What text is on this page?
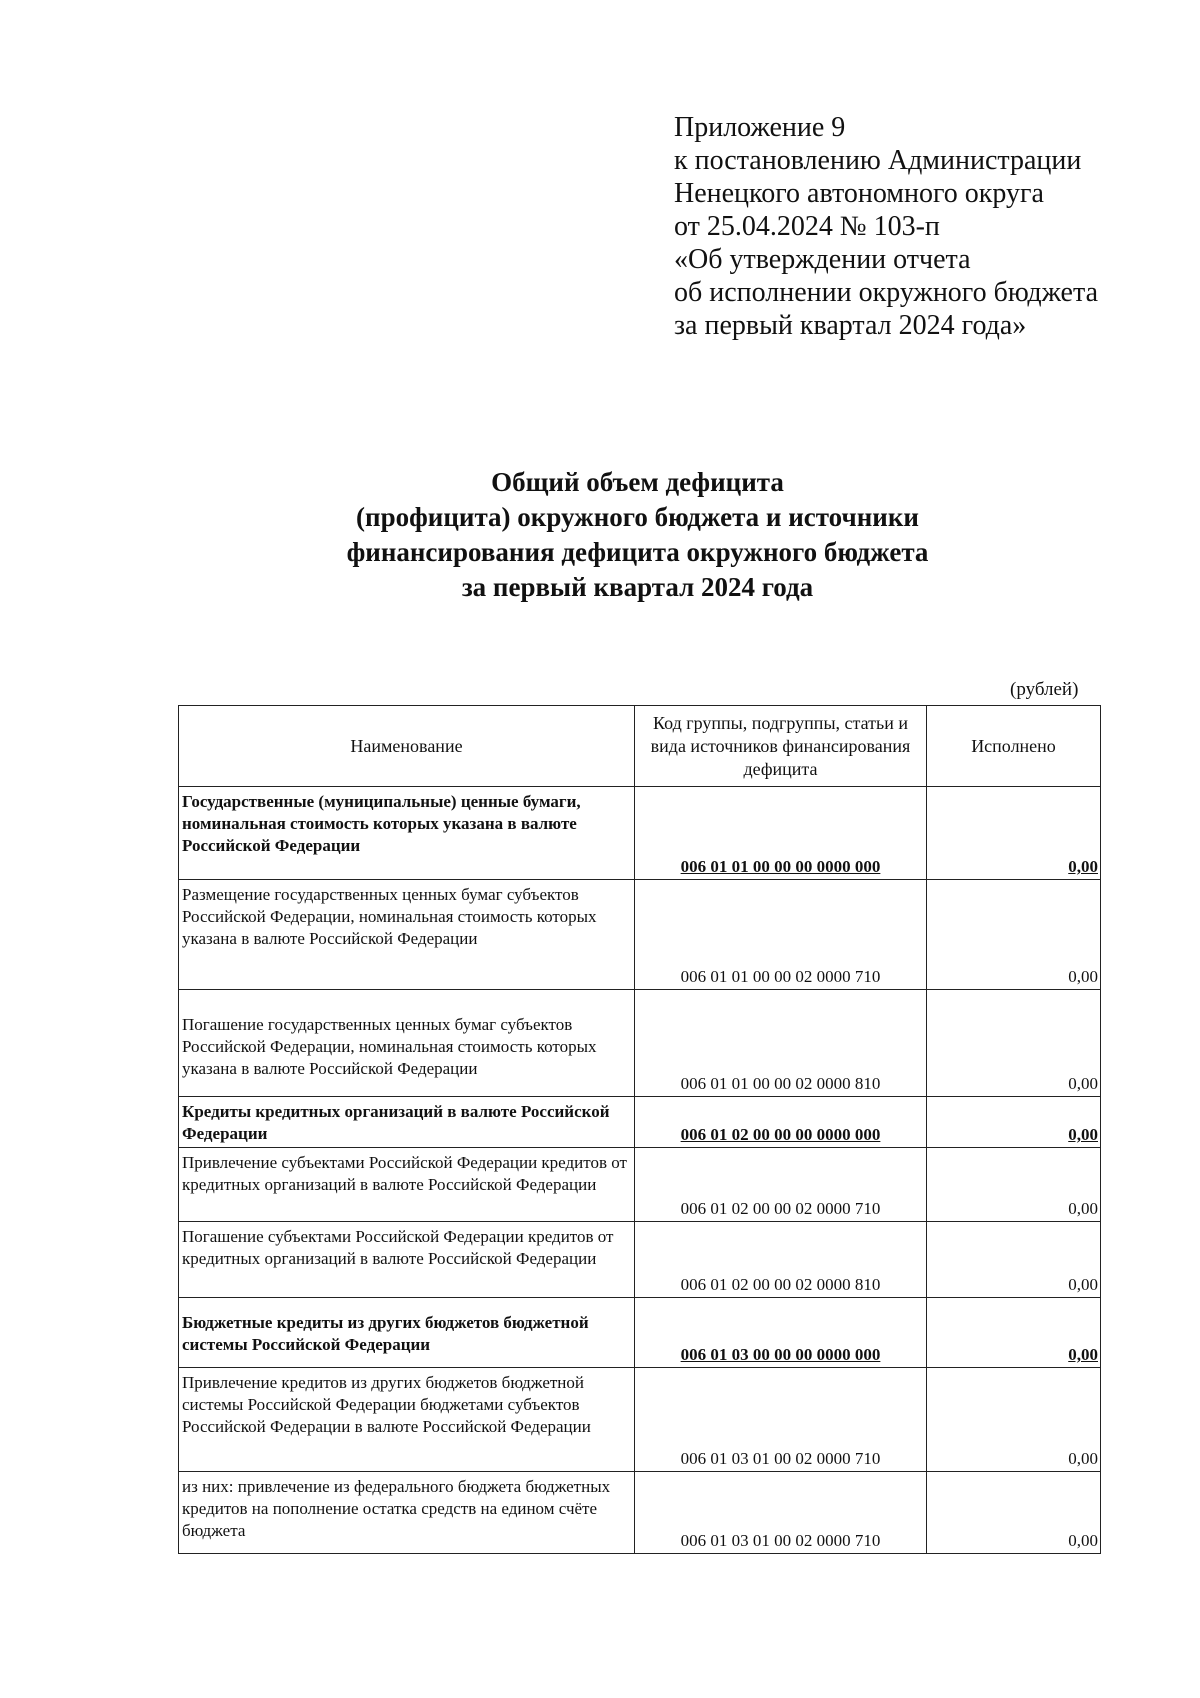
Приложение 9
к постановлению Администрации
Ненецкого автономного округа
от 25.04.2024 № 103-п
«Об утверждении отчета
об исполнении окружного бюджета
за первый квартал 2024 года»
Общий объем дефицита
(профицита) окружного бюджета и источники
финансирования дефицита окружного бюджета
за первый квартал 2024 года
(рублей)
Наименование	Код группы, подгруппы, статьи и вида источников финансирования дефицита	Исполнено
Государственные (муниципальные) ценные бумаги, номинальная стоимость которых указана в валюте Российской Федерации	006 01 01 00 00 00 0000 000	0,00
Размещение государственных ценных бумаг субъектов Российской Федерации, номинальная стоимость которых указана в валюте Российской Федерации	006 01 01 00 00 02 0000 710	0,00
Погашение государственных ценных бумаг субъектов Российской Федерации, номинальная стоимость которых указана в валюте Российской Федерации	006 01 01 00 00 02 0000 810	0,00
Кредиты кредитных организаций в валюте Российской Федерации	006 01 02 00 00 00 0000 000	0,00
Привлечение субъектами Российской Федерации кредитов от кредитных организаций в валюте Российской Федерации	006 01 02 00 00 02 0000 710	0,00
Погашение субъектами Российской Федерации кредитов от кредитных организаций в валюте Российской Федерации	006 01 02 00 00 02 0000 810	0,00
Бюджетные кредиты из других бюджетов бюджетной системы Российской Федерации	006 01 03 00 00 00 0000 000	0,00
Привлечение кредитов из других бюджетов бюджетной системы Российской Федерации бюджетами субъектов Российской Федерации в валюте Российской Федерации	006 01 03 01 00 02 0000 710	0,00
из них: привлечение из федерального бюджета бюджетных кредитов на пополнение остатка средств на едином счёте бюджета	006 01 03 01 00 02 0000 710	0,00
